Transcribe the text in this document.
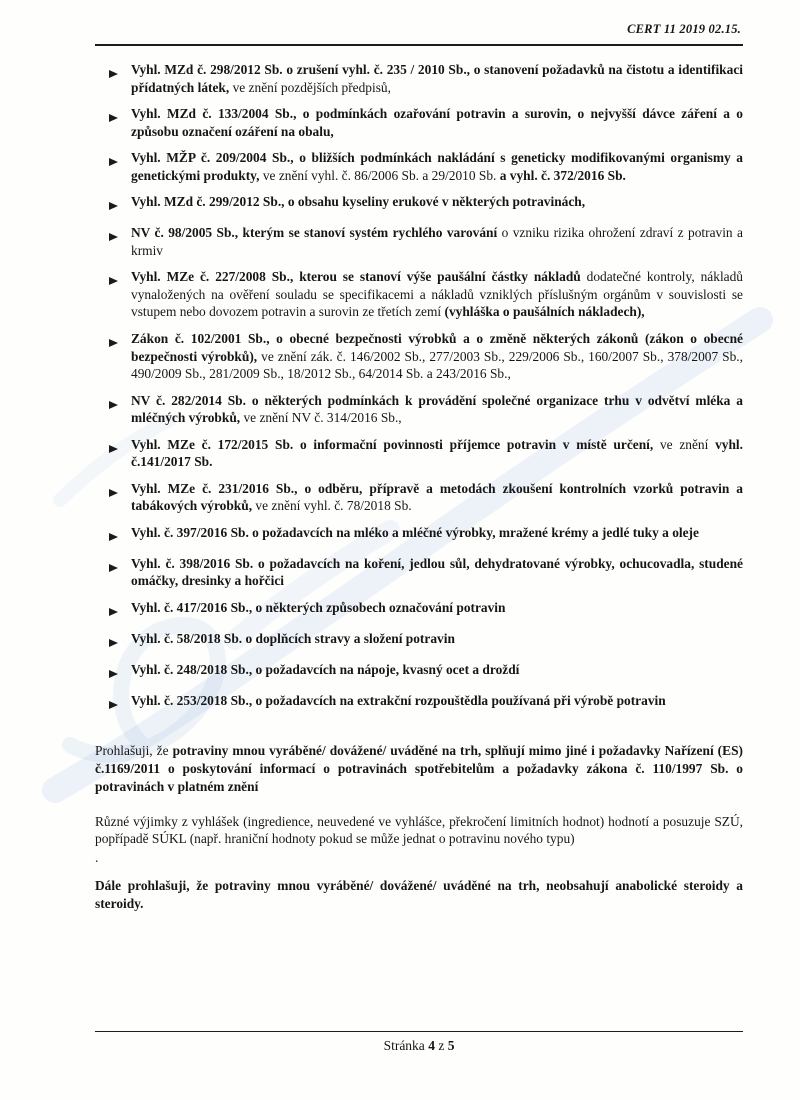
CERT 11 2019 02.15.
Vyhl. MZd č. 298/2012 Sb. o zrušení vyhl. č. 235 / 2010 Sb., o stanovení požadavků na čistotu a identifikaci přídatných látek, ve znění pozdějších předpisů,
Vyhl. MZd č. 133/2004 Sb., o podmínkách ozařování potravin a surovin, o nejvyšší dávce záření a o způsobu označení ozáření na obalu,
Vyhl. MŽP č. 209/2004 Sb., o bližších podmínkách nakládání s geneticky modifikovanými organismy a genetickými produkty, ve znění vyhl. č. 86/2006 Sb. a 29/2010 Sb. a vyhl. č. 372/2016 Sb.
Vyhl. MZd č. 299/2012 Sb., o obsahu kyseliny erukové v některých potravinách,
NV č. 98/2005 Sb., kterým se stanoví systém rychlého varování o vzniku rizika ohrožení zdraví z potravin a krmiv
Vyhl. MZe č. 227/2008 Sb., kterou se stanoví výše paušální částky nákladů dodatečné kontroly, nákladů vynaložených na ověření souladu se specifikacemi a nákladů vzniklých příslušným orgánům v souvislosti se vstupem nebo dovozem potravin a surovin ze třetích zemí (vyhláška o paušálních nákladech),
Zákon č. 102/2001 Sb., o obecné bezpečnosti výrobků a o změně některých zákonů (zákon o obecné bezpečnosti výrobků), ve znění zák. č. 146/2002 Sb., 277/2003 Sb., 229/2006 Sb., 160/2007 Sb., 378/2007 Sb., 490/2009 Sb., 281/2009 Sb., 18/2012 Sb., 64/2014 Sb. a 243/2016 Sb.,
NV č. 282/2014 Sb. o některých podmínkách k provádění společné organizace trhu v odvětví mléka a mléčných výrobků, ve znění NV č. 314/2016 Sb.,
Vyhl. MZe č. 172/2015 Sb. o informační povinnosti příjemce potravin v místě určení, ve znění vyhl. č.141/2017 Sb.
Vyhl. MZe č. 231/2016 Sb., o odběru, přípravě a metodách zkoušení kontrolních vzorků potravin a tabákových výrobků, ve znění vyhl. č. 78/2018 Sb.
Vyhl. č. 397/2016 Sb. o požadavcích na mléko a mléčné výrobky, mražené krémy a jedlé tuky a oleje
Vyhl. č. 398/2016 Sb. o požadavcích na koření, jedlou sůl, dehydratované výrobky, ochucovadla, studené omáčky, dresinky a hořčici
Vyhl. č. 417/2016 Sb., o některých způsobech označování potravin
Vyhl. č. 58/2018 Sb. o doplňcích stravy a složení potravin
Vyhl. č. 248/2018 Sb., o požadavcích na nápoje, kvasný ocet a droždí
Vyhl. č. 253/2018 Sb., o požadavcích na extrakční rozpouštědla používaná při výrobě potravin

Prohlašuji, že potraviny mnou vyráběné/ dovážené/ uváděné na trh, splňují mimo jiné i požadavky Nařízení (ES) č.1169/2011 o poskytování informací o potravinách spotřebitelům a požadavky zákona č. 110/1997 Sb. o potravinách v platném znění

Různé výjimky z vyhlášek (ingredience, neuvedené ve vyhlášce, překročení limitních hodnot) hodnotí a posuzuje SZÚ, popřípadě SÚKL (např. hraniční hodnoty pokud se může jednat o potravinu nového typu)

.

Dále prohlašuji, že potraviny mnou vyráběné/ dovážené/ uváděné na trh, neobsahují anabolické steroidy a steroidy.

Stránka 4 z 5
